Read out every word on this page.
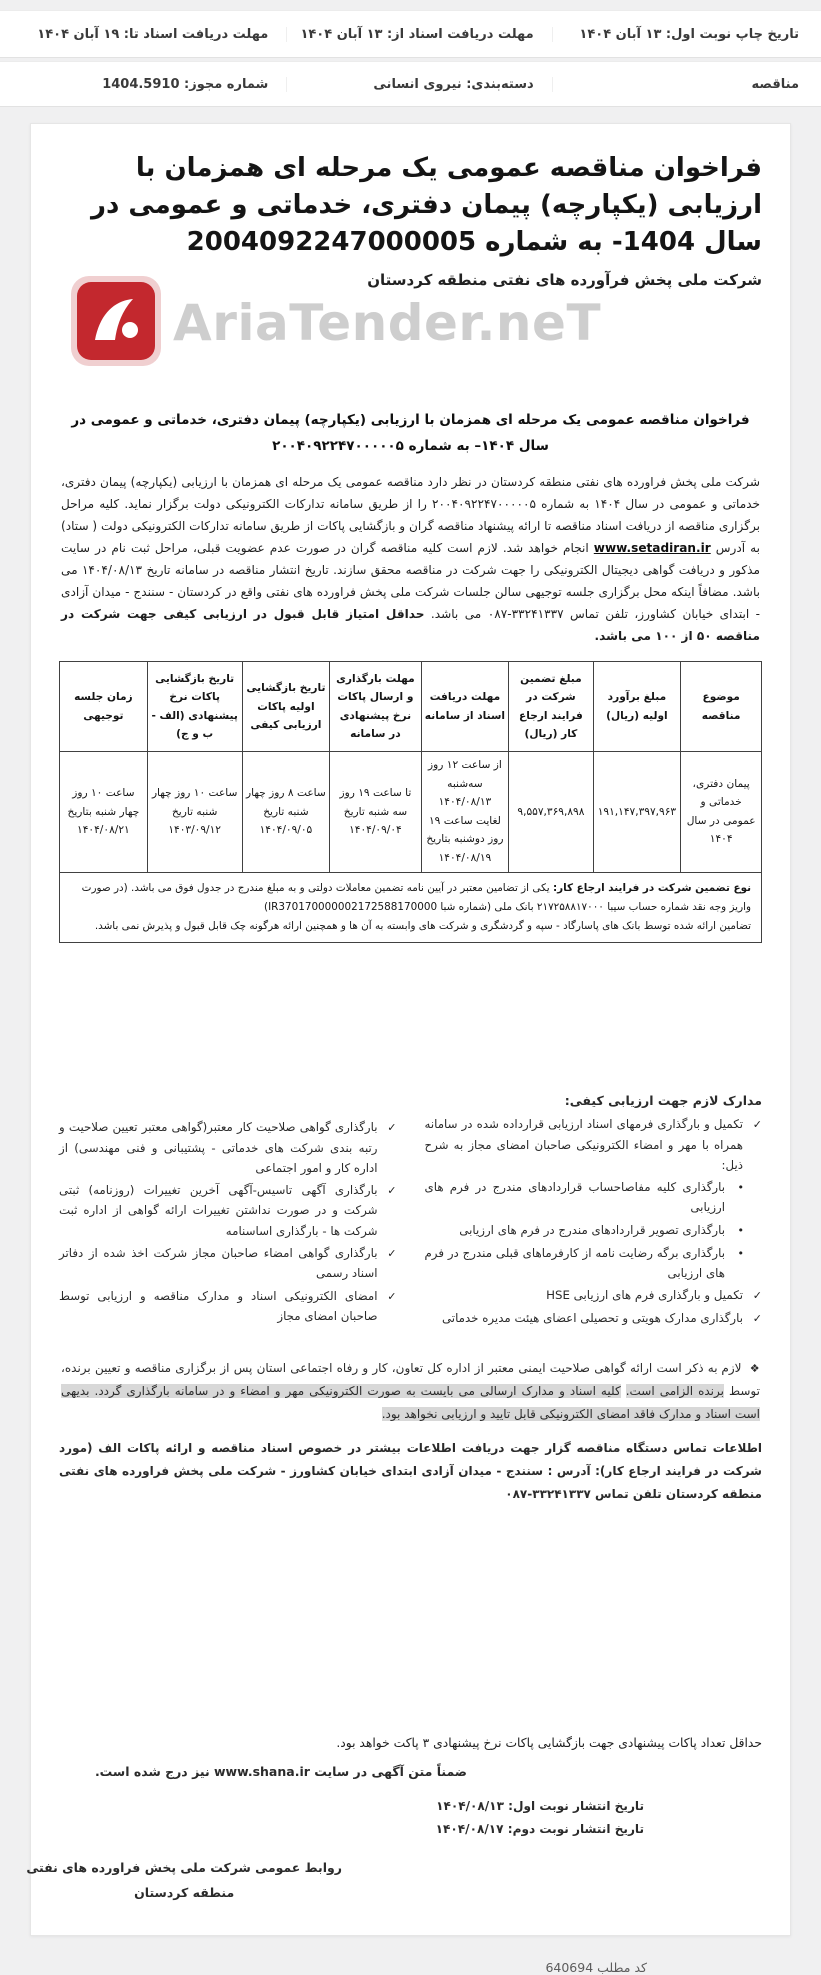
تاریخ چاپ نوبت اول: ۱۳ آبان ۱۴۰۴
مهلت دریافت اسناد از: ۱۳ آبان ۱۴۰۴
مهلت دریافت اسناد تا: ۱۹ آبان ۱۴۰۴
مناقصه
دسته‌بندی: نیروی انسانی
شماره مجوز: 1404.5910
فراخوان مناقصه عمومی یک مرحله ای همزمان با ارزیابی (یکپارچه) پیمان دفتری، خدماتی و عمومی در سال 1404- به شماره 2004092247000005
شرکت ملی پخش فرآورده های نفتی منطقه کردستان
AriaTender.neT

فراخوان مناقصه عمومی یک مرحله ای همزمان با ارزیابی (یکپارچه) پیمان دفتری، خدماتی و عمومی در سال ۱۴۰۴– به شماره ۲۰۰۴۰۹۲۲۴۷۰۰۰۰۰۵

شرکت ملی پخش فراورده های نفتی منطقه کردستان در نظر دارد مناقصه عمومی یک مرحله ای همزمان با ارزیابی (یکپارچه) پیمان دفتری، خدماتی و عمومی در سال ۱۴۰۴ به شماره ۲۰۰۴۰۹۲۲۴۷۰۰۰۰۰۵ را از طریق سامانه تدارکات الکترونیکی دولت برگزار نماید. کلیه مراحل برگزاری مناقصه از دریافت اسناد مناقصه تا ارائه پیشنهاد مناقصه گران و بازگشایی پاکات از طریق سامانه تدارکات الکترونیکی دولت ( ستاد) به آدرس www.setadiran.ir انجام خواهد شد. لازم است کلیه مناقصه گران در صورت عدم عضویت قبلی، مراحل ثبت نام در سایت مذکور و دریافت گواهی دیجیتال الکترونیکی را جهت شرکت در مناقصه محقق سازند. تاریخ انتشار مناقصه در سامانه تاریخ ۱۴۰۴/۰۸/۱۳ می باشد. مضافاً اینکه محل برگزاری جلسه توجیهی سالن جلسات شرکت ملی پخش فراورده های نفتی واقع در کردستان - سنندج - میدان آزادی - ابتدای خیابان کشاورز، تلفن تماس ۳۳۲۴۱۳۳۷-۰۸۷ می باشد. حداقل امتیاز قابل قبول در ارزیابی کیفی جهت شرکت در مناقصه ۵۰ از ۱۰۰ می باشد.

موضوع مناقصه	مبلغ برآورد اولیه (ریال)	مبلغ تضمین شرکت در فرایند ارجاع کار (ریال)	مهلت دریافت اسناد از سامانه	مهلت بارگذاری و ارسال پاکات نرخ پیشنهادی در سامانه	تاریخ بازگشایی اولیه پاکات ارزیابی کیفی	تاریخ بازگشایی پاکات نرخ پیشنهادی (الف - ب و ج)	زمان جلسه توجیهی
پیمان دفتری، خدماتی و عمومی در سال ۱۴۰۴	۱۹۱,۱۴۷,۳۹۷,۹۶۳	۹,۵۵۷,۳۶۹,۸۹۸	از ساعت ۱۲ روز سه‌شنبه ۱۴۰۴/۰۸/۱۳ لغایت ساعت ۱۹ روز دوشنبه بتاریخ ۱۴۰۴/۰۸/۱۹	تا ساعت ۱۹ روز سه شنبه تاریخ ۱۴۰۴/۰۹/۰۴	ساعت ۸ روز چهار شنبه تاریخ ۱۴۰۴/۰۹/۰۵	ساعت ۱۰ روز چهار شنبه تاریخ ۱۴۰۳/۰۹/۱۲	ساعت ۱۰ روز چهار شنبه بتاریخ ۱۴۰۴/۰۸/۲۱

نوع تضمین شرکت در فرایند ارجاع کار: یکی از تضامین معتبر در آیین نامه تضمین معاملات دولتی و به مبلغ مندرج در جدول فوق می باشد. (در صورت واریز وجه نقد شماره حساب سیبا ۲۱۷۲۵۸۸۱۷۰۰۰ بانک ملی (شماره شبا IR370170000002172588170000)
تضامین ارائه شده توسط بانک های پاسارگاد - سپه و گردشگری و شرکت های وابسته به آن ها و همچنین ارائه هرگونه چک قابل قبول و پذیرش نمی باشد.							
مدارک لازم جهت ارزیابی کیفی:
✓
تکمیل و بارگذاری فرمهای اسناد ارزیابی قرارداده شده در سامانه همراه با مهر و امضاء الکترونیکی صاحبان امضای مجاز به شرح ذیل:
•
بارگذاری کلیه مفاصاحساب قراردادهای مندرج در فرم های ارزیابی
•
بارگذاری تصویر قراردادهای مندرج در فرم های ارزیابی
•
بارگذاری برگه رضایت نامه از کارفرماهای قبلی مندرج در فرم های ارزیابی
✓
تکمیل و بارگذاری فرم های ارزیابی HSE
✓
بارگذاری مدارک هویتی و تحصیلی اعضای هیئت مدیره خدماتی
✓
بارگذاری گواهی صلاحیت کار معتبر(گواهی معتبر تعیین صلاحیت و رتبه بندی شرکت های خدماتی - پشتیبانی و فنی مهندسی) از اداره کار و امور اجتماعی
✓
بارگذاری آگهی تاسیس-آگهی آخرین تغییرات (روزنامه) ثبتی شرکت و در صورت نداشتن تغییرات ارائه گواهی از اداره ثبت شرکت ها - بارگذاری اساسنامه
✓
بارگذاری گواهی امضاء صاحبان مجاز شرکت اخذ شده از دفاتر اسناد رسمی
✓
امضای الکترونیکی اسناد و مدارک مناقصه و ارزیابی توسط صاحبان امضای مجاز

❖ لازم به ذکر است ارائه گواهی صلاحیت ایمنی معتبر از اداره کل تعاون، کار و رفاه اجتماعی استان پس از برگزاری مناقصه و تعیین برنده، توسط برنده الزامی است. کلیه اسناد و مدارک ارسالی می بایست به صورت الکترونیکی مهر و امضاء و در سامانه بارگذاری گردد. بدیهی است اسناد و مدارک فاقد امضای الکترونیکی قابل تایید و ارزیابی نخواهد بود.

اطلاعات تماس دستگاه مناقصه گزار جهت دریافت اطلاعات بیشتر در خصوص اسناد مناقصه و ارائه پاکات الف (مورد شرکت در فرایند ارجاع کار): آدرس : سنندج - میدان آزادی ابتدای خیابان کشاورز - شرکت ملی پخش فراورده های نفتی منطقه کردستان تلفن تماس ۳۳۲۴۱۳۳۷-۰۸۷

حداقل تعداد پاکات پیشنهادی جهت بازگشایی پاکات نرخ پیشنهادی ۳ پاکت خواهد بود.

ضمناً متن آگهی در سایت www.shana.ir نیز درج شده است.

تاریخ انتشار نوبت اول: ۱۴۰۴/۰۸/۱۳
تاریخ انتشار نوبت دوم: ۱۴۰۴/۰۸/۱۷
روابط عمومی شرکت ملی پخش فراورده های نفتی
منطقه کردستان
کد مطلب 640694
